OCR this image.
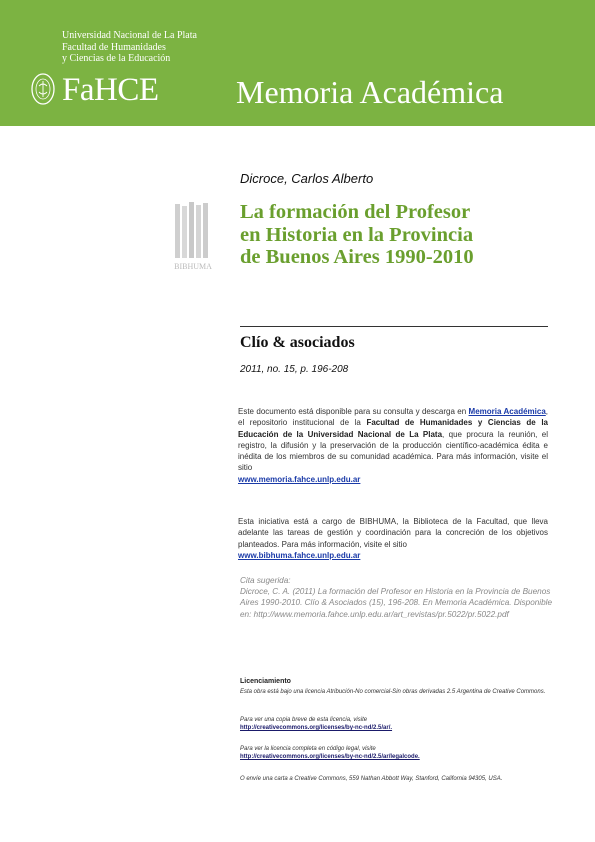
Universidad Nacional de La Plata
Facultad de Humanidades
y Ciencias de la Educación
FaHCE Memoria Académica
BIBHUMA
Dicroce, Carlos Alberto
La formación del Profesor
en Historia en la Provincia
de Buenos Aires 1990-2010
Clío & asociados
2011, no. 15, p. 196-208
Este documento está disponible para su consulta y descarga en Memoria Académica, el repositorio institucional de la Facultad de Humanidades y Ciencias de la Educación de la Universidad Nacional de La Plata, que procura la reunión, el registro, la difusión y la preservación de la producción científico-académica édita e inédita de los miembros de su comunidad académica. Para más información, visite el sitio
www.memoria.fahce.unlp.edu.ar
Esta iniciativa está a cargo de BIBHUMA, la Biblioteca de la Facultad, que lleva adelante las tareas de gestión y coordinación para la concreción de los objetivos planteados. Para más información, visite el sitio
www.bibhuma.fahce.unlp.edu.ar
Cita sugerida:
Dicroce, C. A. (2011) La formación del Profesor en Historia en la Provincia de Buenos Aires 1990-2010. Clío & Asociados (15), 196-208. En Memoria Académica. Disponible en: http://www.memoria.fahce.unlp.edu.ar/art_revistas/pr.5022/pr.5022.pdf
Licenciamiento
Esta obra está bajo una licencia Atribución-No comercial-Sin obras derivadas 2.5 Argentina de Creative Commons.
Para ver una copia breve de esta licencia, visite
http://creativecommons.org/licenses/by-nc-nd/2.5/ar/.
Para ver la licencia completa en código legal, visite
http://creativecommons.org/licenses/by-nc-nd/2.5/ar/legalcode.
O envíe una carta a Creative Commons, 559 Nathan Abbott Way, Stanford, California 94305, USA.
